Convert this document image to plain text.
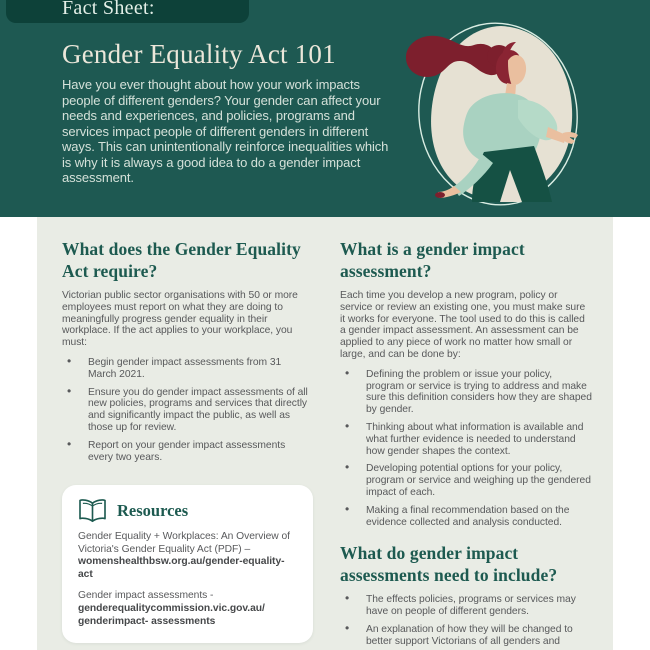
Fact Sheet:
Gender Equality Act 101

Have you ever thought about how your work impacts people of different genders? Your gender can affect your needs and experiences, and policies, programs and services impact people of different genders in different ways. This can unintentionally reinforce inequalities which is why it is always a good idea to do a gender impact assessment.

What does the Gender Equality Act require?

Victorian public sector organisations with 50 or more employees must report on what they are doing to meaningfully progress gender equality in their workplace. If the act applies to your workplace, you must:

• Begin gender impact assessments from 31 March 2021.
• Ensure you do gender impact assessments of all new policies, programs and services that directly and significantly impact the public, as well as those up for review.
• Report on your gender impact assessments every two years.
Resources

Gender Equality + Workplaces: An Overview of Victoria's Gender Equality Act (PDF) – womenshealthbsw.org.au/gender-equality-act

Gender impact assessments - genderequalitycommission.vic.gov.au/ genderimpact- assessments

What is a gender impact assessment?

Each time you develop a new program, policy or service or review an existing one, you must make sure it works for everyone. The tool used to do this is called a gender impact assessment. An assessment can be applied to any piece of work no matter how small or large, and can be done by:

• Defining the problem or issue your policy, program or service is trying to address and make sure this definition considers how they are shaped by gender.
• Thinking about what information is available and what further evidence is needed to understand how gender shapes the context.
• Developing potential options for your policy, program or service and weighing up the gendered impact of each.
• Making a final recommendation based on the evidence collected and analysis conducted.
What do gender impact assessments need to include?
• The effects policies, programs or services may have on people of different genders.
• An explanation of how they will be changed to better support Victorians of all genders and
